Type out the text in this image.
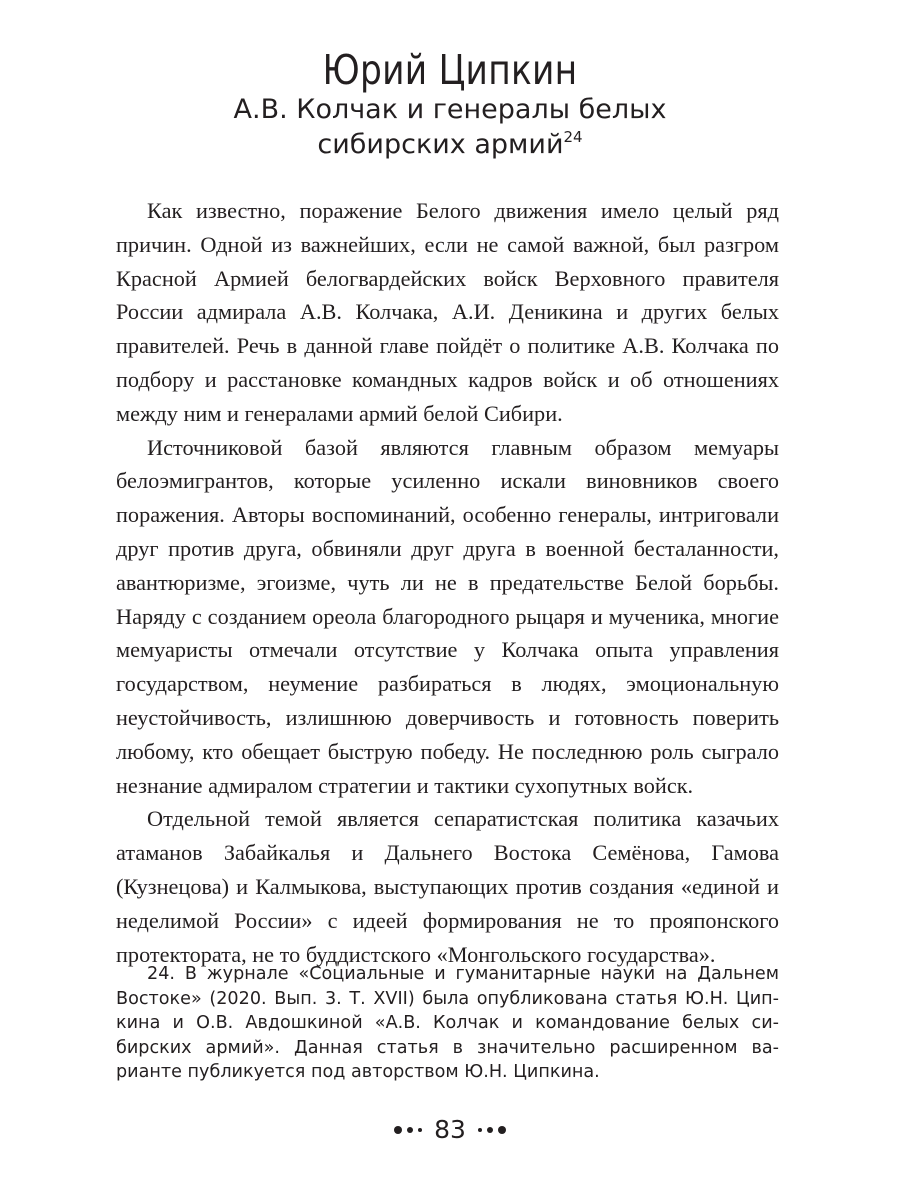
Юрий Ципкин
А.В. Колчак и генералы белых
сибирских армий$^{24}$

Как известно, поражение Белого движения имело целый ряд причин. Одной из важнейших, если не самой важной, был разгром Красной Армией белогвардейских войск Верховного правителя России адмирала А.В. Колчака, А.И. Деникина и других белых правителей. Речь в данной главе пойдёт о политике А.В. Колчака по подбору и расстановке командных кадров войск и об отношениях между ним и генералами армий белой Сибири.

Источниковой базой являются главным образом мемуары белоэмигрантов, которые усиленно искали виновников своего поражения. Авторы воспоминаний, особенно генералы, интриговали друг против друга, обвиняли друг друга в военной бесталанности, авантюризме, эгоизме, чуть ли не в предательстве Белой борьбы. Наряду с созданием ореола благородного рыцаря и мученика, многие мемуаристы отмечали отсутствие у Колчака опыта управления государством, неумение разбираться в людях, эмоциональную неустойчивость, излишнюю доверчивость и готовность поверить любому, кто обещает быструю победу. Не последнюю роль сыграло незнание адмиралом стратегии и тактики сухопутных войск.

Отдельной темой является сепаратистская политика казачьих атаманов Забайкалья и Дальнего Востока Семёнова, Гамова (Кузнецова) и Калмыкова, выступающих против создания «единой и неделимой России» с идеей формирования не то прояпонского протектората, не то буддистского «Монгольского государства».

24. В журнале «Социальные и гуманитарные науки на Дальнем Востоке» (2020. Вып. 3. Т. XVII) была опубликована статья Ю.Н. Ципкина и О.В. Авдошкиной «А.В. Колчак и командование белых сибирских армий». Данная статья в значительно расширенном варианте публикуется под авторством Ю.Н. Ципкина.

83
